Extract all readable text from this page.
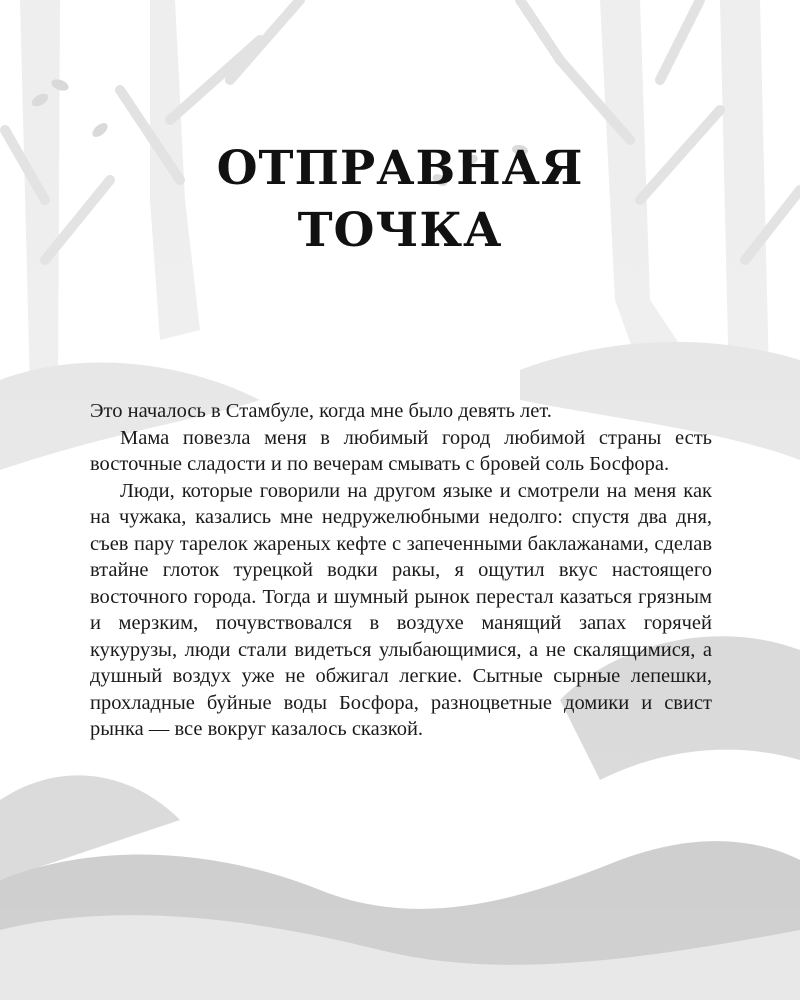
ОТПРАВНАЯ
ТОЧКА

Это началось в Стамбуле, когда мне было девять лет.

Мама повезла меня в любимый город любимой страны есть восточные сладости и по вечерам смывать с бровей соль Босфора.

Люди, которые говорили на другом языке и смотрели на меня как на чужака, казались мне недружелюбными недолго: спустя два дня, съев пару тарелок жареных кефте с запеченными баклажанами, сделав втайне глоток турецкой водки ракы, я ощутил вкус настоящего восточного города. Тогда и шумный рынок перестал казаться грязным и мерзким, почувствовался в воздухе манящий запах горячей кукурузы, люди стали видеться улыбающимися, а не скалящимися, а душный воздух уже не обжигал легкие. Сытные сырные лепешки, прохладные буйные воды Босфора, разноцветные домики и свист рынка — все вокруг казалось сказкой.
